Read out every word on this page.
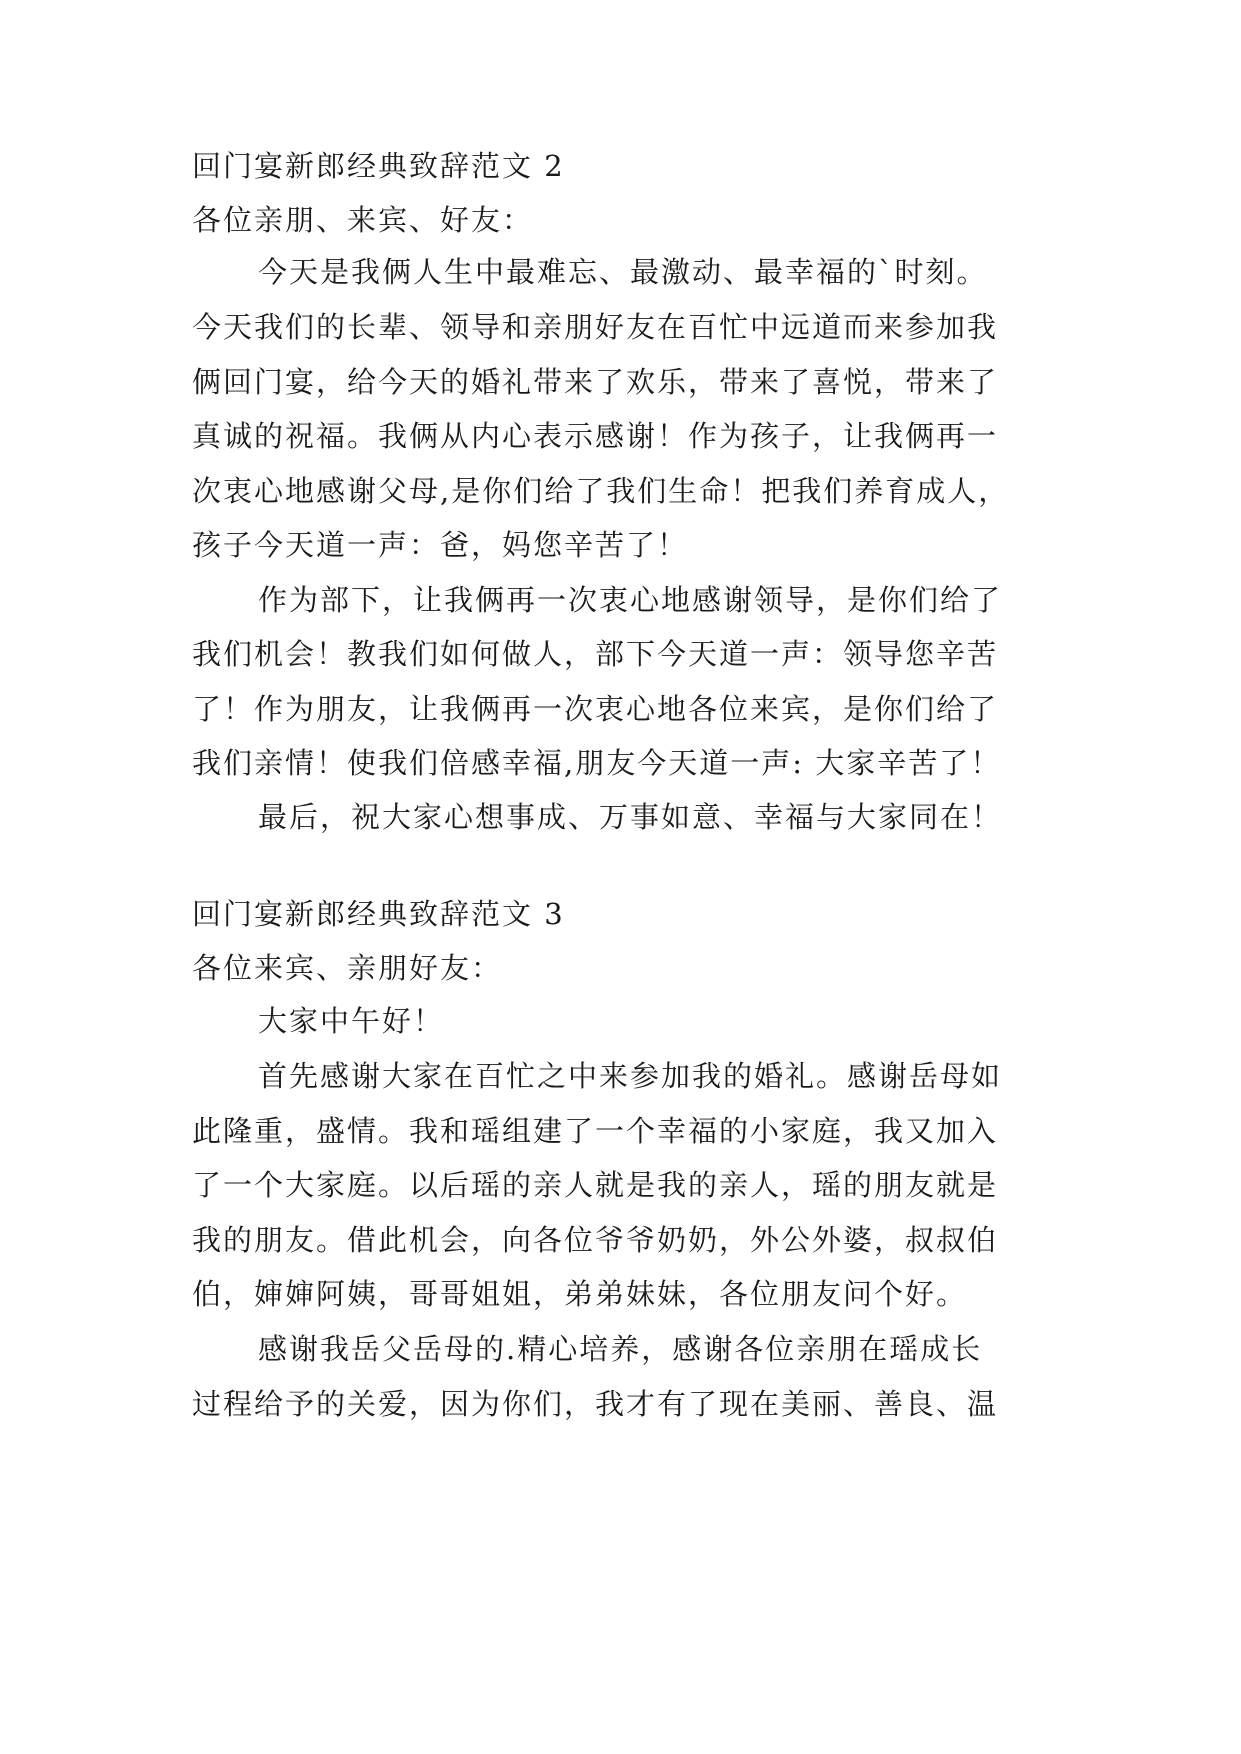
回门宴新郎经典致辞范文 2
各位亲朋、来宾、好友：
今天是我俩人生中最难忘、最激动、最幸福的`时刻。
今天我们的长辈、领导和亲朋好友在百忙中远道而来参加我
俩回门宴，给今天的婚礼带来了欢乐，带来了喜悦，带来了
真诚的祝福。我俩从内心表示感谢！作为孩子，让我俩再一
次衷心地感谢父母,是你们给了我们生命！把我们养育成人，
孩子今天道一声：爸，妈您辛苦了！
作为部下，让我俩再一次衷心地感谢领导，是你们给了
我们机会！教我们如何做人，部下今天道一声：领导您辛苦
了！作为朋友，让我俩再一次衷心地各位来宾，是你们给了
我们亲情！使我们倍感幸福,朋友今天道一声: 大家辛苦了！
最后，祝大家心想事成、万事如意、幸福与大家同在！
回门宴新郎经典致辞范文 3
各位来宾、亲朋好友：
大家中午好！
首先感谢大家在百忙之中来参加我的婚礼。感谢岳母如
此隆重，盛情。我和瑶组建了一个幸福的小家庭，我又加入
了一个大家庭。以后瑶的亲人就是我的亲人，瑶的朋友就是
我的朋友。借此机会，向各位爷爷奶奶，外公外婆，叔叔伯
伯，婶婶阿姨，哥哥姐姐，弟弟妹妹，各位朋友问个好。
感谢我岳父岳母的.精心培养，感谢各位亲朋在瑶成长
过程给予的关爱，因为你们，我才有了现在美丽、善良、温
